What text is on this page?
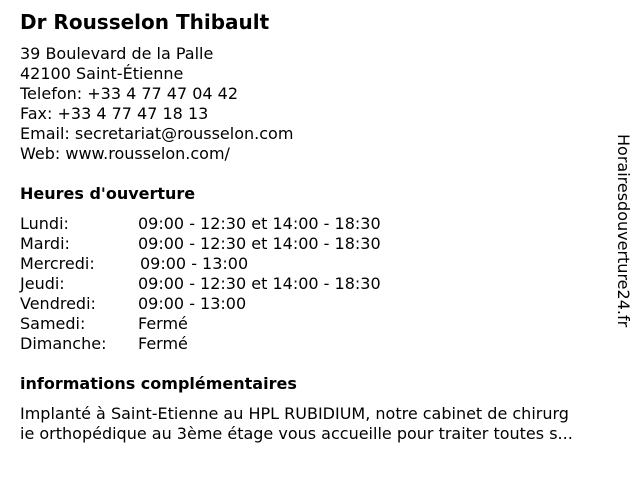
Dr Rousselon Thibault
39 Boulevard de la Palle
42100 Saint-Étienne
Telefon: +33 4 77 47 04 42
Fax: +33 4 77 47 18 13
Email: secretariat@rousselon.com
Web: www.rousselon.com/
Heures d'ouverture
Lundi:	09:00 - 12:30 et 14:00 - 18:30
Mardi:	09:00 - 12:30 et 14:00 - 18:30
Mercredi:	09:00 - 13:00
Jeudi:	09:00 - 12:30 et 14:00 - 18:30
Vendredi:	09:00 - 13:00
Samedi:	Fermé
Dimanche: Fermé
informations complémentaires
Implanté à Saint-Etienne au HPL RUBIDIUM, notre cabinet de chirurg
ie orthopédique au 3ème étage vous accueille pour traiter toutes s...
Horairesdouverture24.fr
